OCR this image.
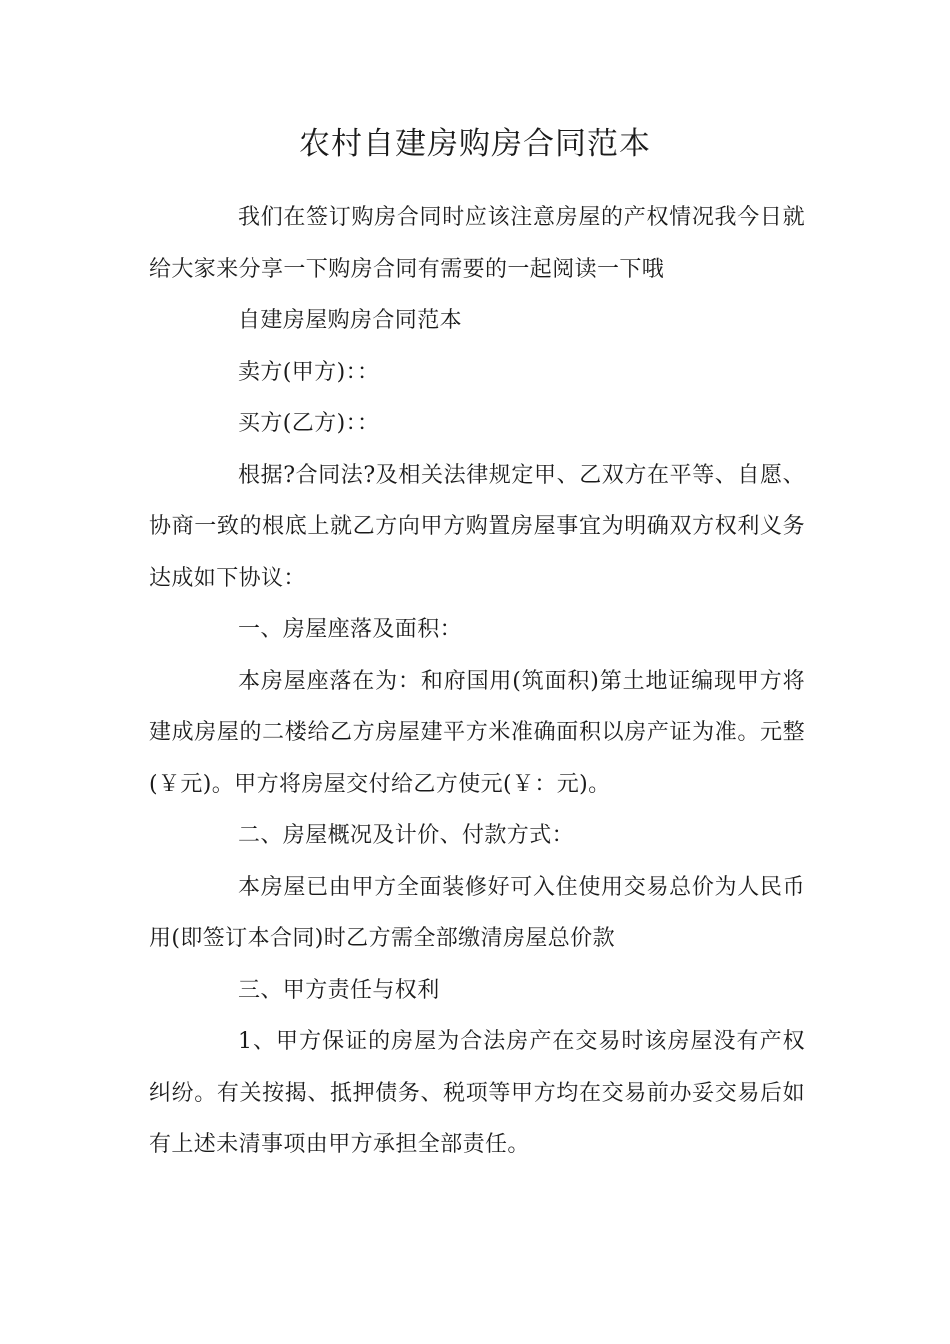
农村自建房购房合同范本

我们在签订购房合同时应该注意房屋的产权情况我今日就给大家来分享一下购房合同有需要的一起阅读一下哦

自建房屋购房合同范本

卖方(甲方)：：

买方(乙方)：：

根据?合同法?及相关法律规定甲、乙双方在平等、自愿、协商一致的根底上就乙方向甲方购置房屋事宜为明确双方权利义务达成如下协议：

一、房屋座落及面积：

本房屋座落在为：和府国用(筑面积)第土地证编现甲方将建成房屋的二楼给乙方房屋建平方米准确面积以房产证为准。元整(￥元)。甲方将房屋交付给乙方使元(￥：元)。

二、房屋概况及计价、付款方式：

本房屋已由甲方全面装修好可入住使用交易总价为人民币用(即签订本合同)时乙方需全部缴清房屋总价款

三、甲方责任与权利

1、甲方保证的房屋为合法房产在交易时该房屋没有产权纠纷。有关按揭、抵押债务、税项等甲方均在交易前办妥交易后如有上述未清事项由甲方承担全部责任。
